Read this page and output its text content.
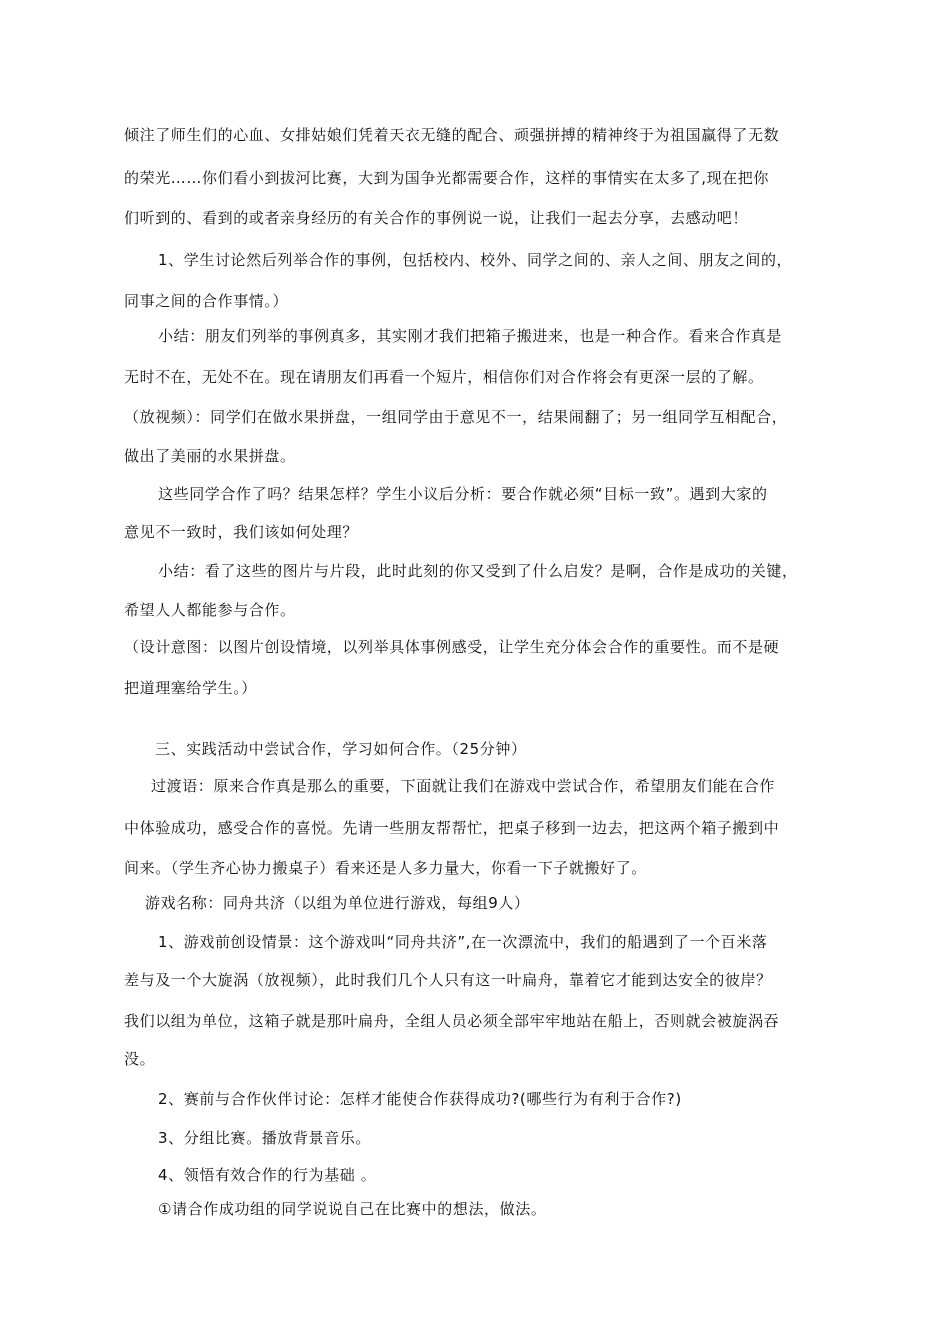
倾注了师生们的心血、女排姑娘们凭着天衣无缝的配合、顽强拼搏的精神终于为祖国赢得了无数
的荣光……你们看小到拔河比赛，大到为国争光都需要合作，这样的事情实在太多了,现在把你
们听到的、看到的或者亲身经历的有关合作的事例说一说，让我们一起去分享，去感动吧！
1、学生讨论然后列举合作的事例，包括校内、校外、同学之间的、亲人之间、朋友之间的，
同事之间的合作事情。）
小结：朋友们列举的事例真多，其实刚才我们把箱子搬进来，也是一种合作。看来合作真是
无时不在，无处不在。现在请朋友们再看一个短片，相信你们对合作将会有更深一层的了解。
（放视频）：同学们在做水果拼盘，一组同学由于意见不一，结果闹翻了；另一组同学互相配合，
做出了美丽的水果拼盘。
这些同学合作了吗？结果怎样？学生小议后分析：要合作就必须“目标一致”。遇到大家的
意见不一致时，我们该如何处理？
小结：看了这些的图片与片段，此时此刻的你又受到了什么启发？是啊，合作是成功的关键，
希望人人都能参与合作。
（设计意图：以图片创设情境，以列举具体事例感受，让学生充分体会合作的重要性。而不是硬
把道理塞给学生。）
三、实践活动中尝试合作，学习如何合作。（25分钟）
过渡语：原来合作真是那么的重要，下面就让我们在游戏中尝试合作，希望朋友们能在合作
中体验成功，感受合作的喜悦。先请一些朋友帮帮忙，把桌子移到一边去，把这两个箱子搬到中
间来。（学生齐心协力搬桌子）看来还是人多力量大，你看一下子就搬好了。
游戏名称：同舟共济（以组为单位进行游戏，每组9人）
1、游戏前创设情景：这个游戏叫“同舟共济”,在一次漂流中，我们的船遇到了一个百米落
差与及一个大旋涡（放视频），此时我们几个人只有这一叶扁舟，靠着它才能到达安全的彼岸？
我们以组为单位，这箱子就是那叶扁舟，全组人员必须全部牢牢地站在船上，否则就会被旋涡吞
没。
2、赛前与合作伙伴讨论：怎样才能使合作获得成功?(哪些行为有利于合作?)
3、分组比赛。播放背景音乐。
4、领悟有效合作的行为基础 。
①请合作成功组的同学说说自己在比赛中的想法，做法。
